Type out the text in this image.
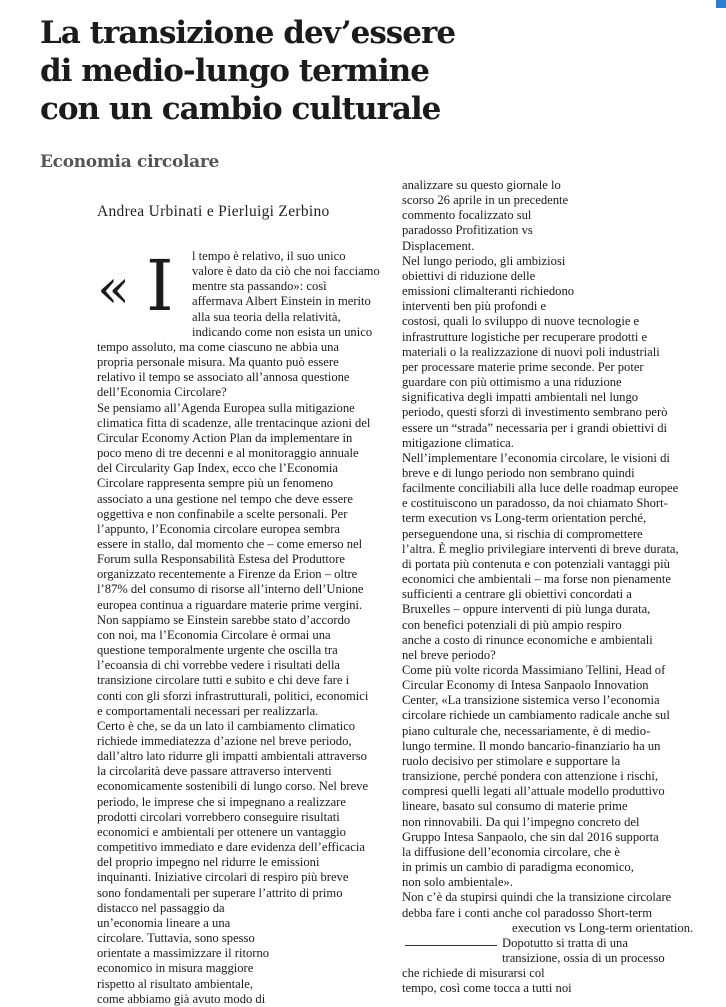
La transizione dev’essere
di medio-lungo termine
con un cambio culturale
Economia circolare
Andrea Urbinati e Pierluigi Zerbino
« I	l tempo è relativo, il suo unico
valore è dato da ciò che noi facciamo
mentre sta passando»: così
affermava Albert Einstein in merito
alla sua teoria della relatività,
indicando come non esista un unico
tempo assoluto, ma come ciascuno ne abbia una
propria personale misura. Ma quanto può essere
relativo il tempo se associato all’annosa questione
dell’Economia Circolare?
Se pensiamo all’Agenda Europea sulla mitigazione
climatica fitta di scadenze, alle trentacinque azioni del
Circular Economy Action Plan da implementare in
poco meno di tre decenni e al monitoraggio annuale
del Circularity Gap Index, ecco che l’Economia
Circolare rappresenta sempre più un fenomeno
associato a una gestione nel tempo che deve essere
oggettiva e non confinabile a scelte personali. Per
l’appunto, l’Economia circolare europea sembra
essere in stallo, dal momento che – come emerso nel
Forum sulla Responsabilità Estesa del Produttore
organizzato recentemente a Firenze da Erion – oltre
l’87% del consumo di risorse all’interno dell’Unione
europea continua a riguardare materie prime vergini.
Non sappiamo se Einstein sarebbe stato d’accordo
con noi, ma l’Economia Circolare è ormai una
questione temporalmente urgente che oscilla tra
l’ecoansia di chi vorrebbe vedere i risultati della
transizione circolare tutti e subito e chi deve fare i
conti con gli sforzi infrastrutturali, politici, economici
e comportamentali necessari per realizzarla.
Certo è che, se da un lato il cambiamento climatico
richiede immediatezza d’azione nel breve periodo,
dall’altro lato ridurre gli impatti ambientali attraverso
la circolarità deve passare attraverso interventi
economicamente sostenibili di lungo corso. Nel breve
periodo, le imprese che si impegnano a realizzare
prodotti circolari vorrebbero conseguire risultati
economici e ambientali per ottenere un vantaggio
competitivo immediato e dare evidenza dell’efficacia
del proprio impegno nel ridurre le emissioni
inquinanti. Iniziative circolari di respiro più breve
sono fondamentali per superare l’attrito di primo
distacco nel passaggio da
un’economia lineare a una
circolare. Tuttavia, sono spesso
orientate a massimizzare il ritorno
economico in misura maggiore
rispetto al risultato ambientale,
come abbiamo già avuto modo di
analizzare su questo giornale lo
scorso 26 aprile in un precedente
commento focalizzato sul
paradosso Profitization vs
Displacement.
Nel lungo periodo, gli ambiziosi
obiettivi di riduzione delle
emissioni climalteranti richiedono
interventi ben più profondi e
costosi, quali lo sviluppo di nuove tecnologie e
infrastrutture logistiche per recuperare prodotti e
materiali o la realizzazione di nuovi poli industriali
per processare materie prime seconde. Per poter
guardare con più ottimismo a una riduzione
significativa degli impatti ambientali nel lungo
periodo, questi sforzi di investimento sembrano però
essere un “strada” necessaria per i grandi obiettivi di
mitigazione climatica.
Nell’implementare l’economia circolare, le visioni di
breve e di lungo periodo non sembrano quindi
facilmente conciliabili alla luce delle roadmap europee
e costituiscono un paradosso, da noi chiamato Short-
term execution vs Long-term orientation perché,
perseguendone una, si rischia di compromettere
l’altra. È meglio privilegiare interventi di breve durata,
di portata più contenuta e con potenziali vantaggi più
economici che ambientali – ma forse non pienamente
sufficienti a centrare gli obiettivi concordati a
Bruxelles – oppure interventi di più lunga durata,
con benefici potenziali di più ampio respiro
anche a costo di rinunce economiche e ambientali
nel breve periodo?
Come più volte ricorda Massimiano Tellini, Head of
Circular Economy di Intesa Sanpaolo Innovation
Center, «La transizione sistemica verso l’economia
circolare richiede un cambiamento radicale anche sul
piano culturale che, necessariamente, è di medio-
lungo termine. Il mondo bancario-finanziario ha un
ruolo decisivo per stimolare e supportare la
transizione, perché pondera con attenzione i rischi,
compresi quelli legati all’attuale modello produttivo
lineare, basato sul consumo di materie prime
non rinnovabili. Da qui l’impegno concreto del
Gruppo Intesa Sanpaolo, che sin dal 2016 supporta
la diffusione dell’economia circolare, che è
in primis un cambio di paradigma economico,
non solo ambientale».
Non c’è da stupirsi quindi che la transizione circolare
debba fare i conti anche col paradosso Short-term
execution vs Long-term orientation.
Dopotutto si tratta di una
transizione, ossia di un processo
che richiede di misurarsi col
tempo, così come tocca a tutti noi
